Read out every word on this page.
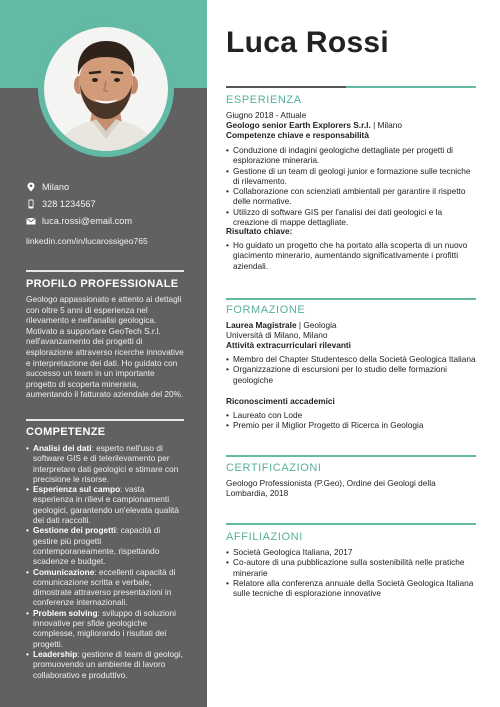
Milano
328 1234567
luca.rossi@email.com
linkedin.com/in/lucarossigeo765
PROFILO PROFESSIONALE
Geologo appassionato e attento ai dettagli con oltre 5 anni di esperienza nel rilevamento e nell'analisi geologica. Motivato a supportare GeoTech S.r.l. nell'avanzamento dei progetti di esplorazione attraverso ricerche innovative e interpretazione dei dati. Ho guidato con successo un team in un importante progetto di scoperta mineraria, aumentando il fatturato aziendale del 20%.
COMPETENZE
• Analisi dei dati: esperto nell'uso di software GIS e di telerilevamento per interpretare dati geologici e stimare con precisione le risorse.
• Esperienza sul campo: vasta esperienza in rilievi e campionamenti geologici, garantendo un'elevata qualità dei dati raccolti.
• Gestione dei progetti: capacità di gestire più progetti contemporaneamente, rispettando scadenze e budget.
• Comunicazione: eccellenti capacità di comunicazione scritta e verbale, dimostrate attraverso presentazioni in conferenze internazionali.
• Problem solving: sviluppo di soluzioni innovative per sfide geologiche complesse, migliorando i risultati dei progetti.
• Leadership: gestione di team di geologi, promuovendo un ambiente di lavoro collaborativo e produttivo.
Luca Rossi
ESPERIENZA
Giugno 2018 - Attuale
Geologo senior Earth Explorers S.r.l. | Milano
Competenze chiave e responsabilità
• Conduzione di indagini geologiche dettagliate per progetti di esplorazione mineraria.
• Gestione di un team di geologi junior e formazione sulle tecniche di rilevamento.
• Collaborazione con scienziati ambientali per garantire il rispetto delle normative.
• Utilizzo di software GIS per l'analisi dei dati geologici e la creazione di mappe dettagliate.
Risultato chiave:
• Ho guidato un progetto che ha portato alla scoperta di un nuovo giacimento minerario, aumentando significativamente i profitti aziendali.
FORMAZIONE
Laurea Magistrale | Geologia
Università di Milano, Milano
Attività extracurriculari rilevanti
• Membro del Chapter Studentesco della Società Geologica Italiana
• Organizzazione di escursioni per lo studio delle formazioni geologiche
Riconoscimenti accademici
• Laureato con Lode
• Premio per il Miglior Progetto di Ricerca in Geologia
CERTIFICAZIONI
Geologo Professionista (P.Geo), Ordine dei Geologi della Lombardia, 2018
AFFILIAZIONI
• Società Geologica Italiana, 2017
• Co-autore di una pubblicazione sulla sostenibilità nelle pratiche minerarie
• Relatore alla conferenza annuale della Società Geologica Italiana sulle tecniche di esplorazione innovative
